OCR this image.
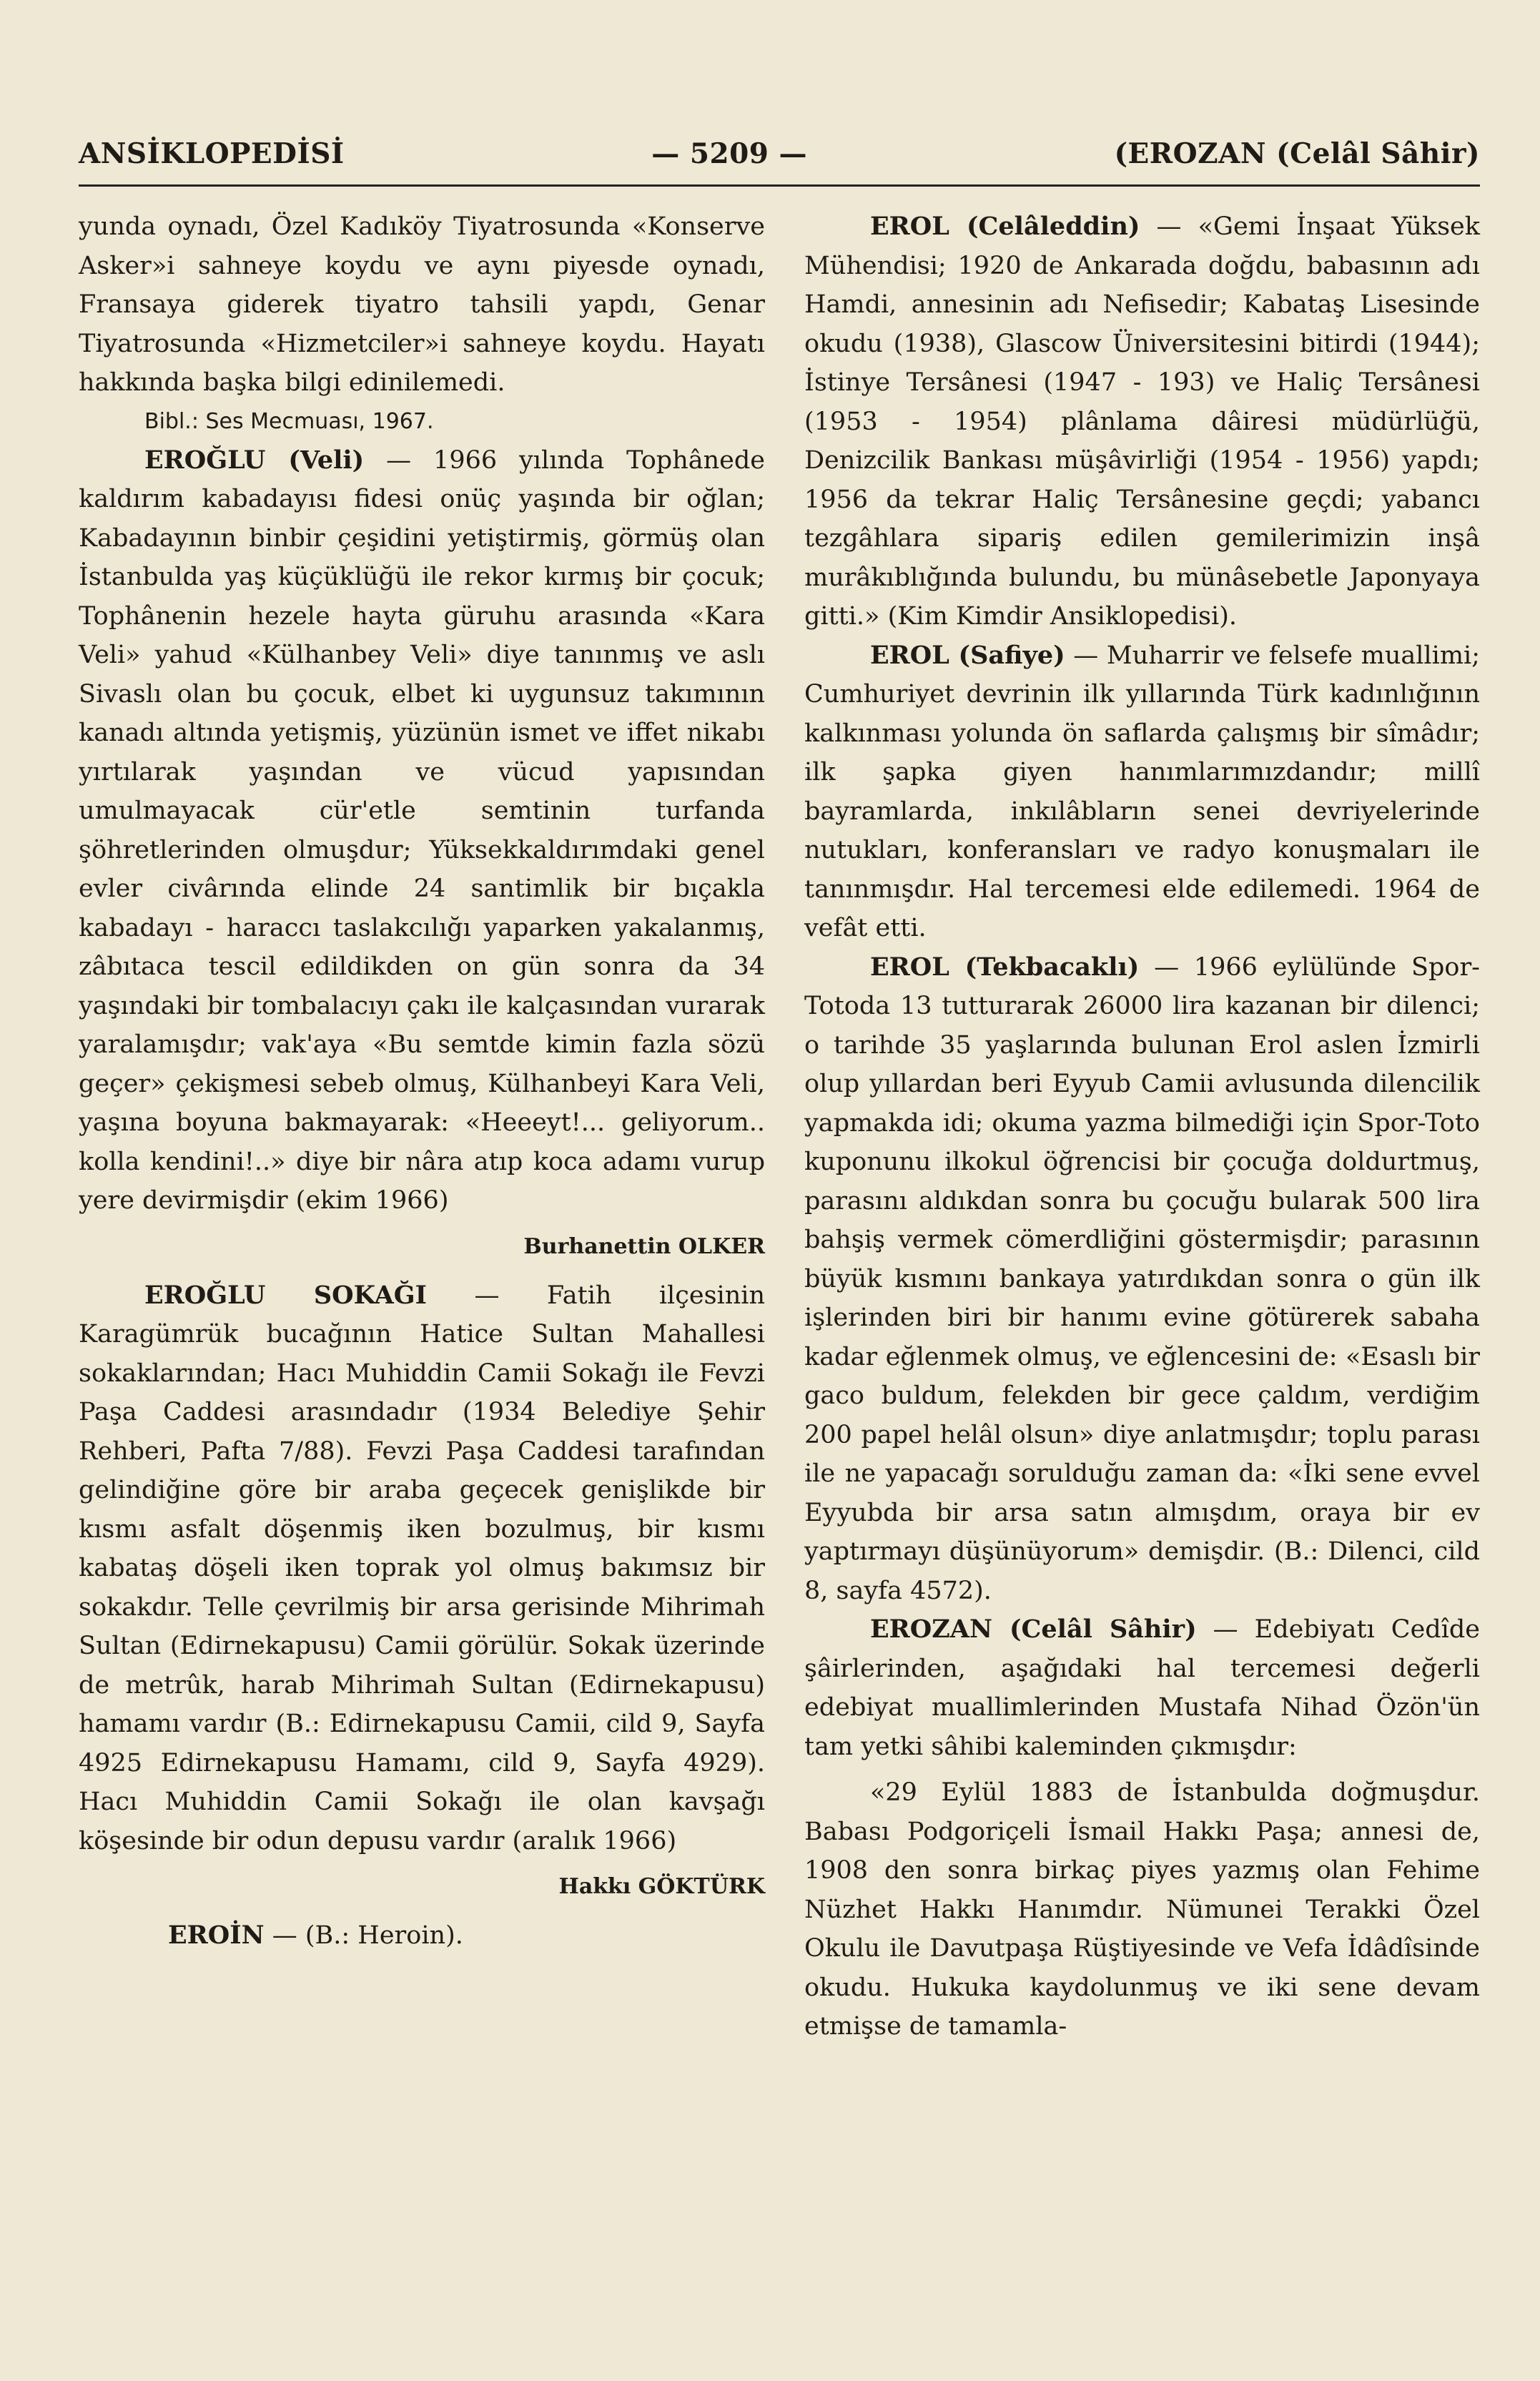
ANSİKLOPEDİSİ	— 5209 —	(EROZAN (Celâl Sâhir)

yunda oynadı, Özel Kadıköy Tiyatrosunda «Konserve Asker»i sahneye koydu ve aynı piyesde oynadı, Fransaya giderek tiyatro tahsili yapdı, Genar Tiyatrosunda «Hizmetciler»i sahneye koydu. Hayatı hakkında başka bilgi edinilemedi.

Bibl.: Ses Mecmuası, 1967.

EROĞLU (Veli) — 1966 yılında Tophânede kaldırım kabadayısı fidesi onüç yaşında bir oğlan; Kabadayının binbir çeşidini yetiştirmiş, görmüş olan İstanbulda yaş küçüklüğü ile rekor kırmış bir çocuk; Tophânenin hezele hayta güruhu arasında «Kara Veli» yahud «Külhanbey Veli» diye tanınmış ve aslı Sivaslı olan bu çocuk, elbet ki uygunsuz takımının kanadı altında yetişmiş, yüzünün ismet ve iffet nikabı yırtılarak yaşından ve vücud yapısından umulmayacak cür'etle semtinin turfanda şöhretlerinden olmuşdur; Yüksekkaldırımdaki genel evler civârında elinde 24 santimlik bir bıçakla kabadayı - haraccı taslakcılığı yaparken yakalanmış, zâbıtaca tescil edildikden on gün sonra da 34 yaşındaki bir tombalacıyı çakı ile kalçasından vurarak yaralamışdır; vak'aya «Bu semtde kimin fazla sözü geçer» çekişmesi sebeb olmuş, Külhanbeyi Kara Veli, yaşına boyuna bakmayarak: «Heeeyt!... geliyorum.. kolla kendini!..» diye bir nâra atıp koca adamı vurup yere devirmişdir (ekim 1966)

Burhanettin OLKER

EROĞLU SOKAĞI — Fatih ilçesinin Karagümrük bucağının Hatice Sultan Mahallesi sokaklarından; Hacı Muhiddin Camii Sokağı ile Fevzi Paşa Caddesi arasındadır (1934 Belediye Şehir Rehberi, Pafta 7/88). Fevzi Paşa Caddesi tarafından gelindiğine göre bir araba geçecek genişlikde bir kısmı asfalt döşenmiş iken bozulmuş, bir kısmı kabataş döşeli iken toprak yol olmuş bakımsız bir sokakdır. Telle çevrilmiş bir arsa gerisinde Mihrimah Sultan (Edirnekapusu) Camii görülür. Sokak üzerinde de metrûk, harab Mihrimah Sultan (Edirnekapusu) hamamı vardır (B.: Edirnekapusu Camii, cild 9, Sayfa 4925 Edirnekapusu Hamamı, cild 9, Sayfa 4929). Hacı Muhiddin Camii Sokağı ile olan kavşağı köşesinde bir odun depusu vardır (aralık 1966)

Hakkı GÖKTÜRK

EROİN — (B.: Heroin).

EROL (Celâleddin) — «Gemi İnşaat Yüksek Mühendisi; 1920 de Ankarada doğdu, babasının adı Hamdi, annesinin adı Nefisedir; Kabataş Lisesinde okudu (1938), Glascow Üniversitesini bitirdi (1944); İstinye Tersânesi (1947 - 193) ve Haliç Tersânesi (1953 - 1954) plânlama dâiresi müdürlüğü, Denizcilik Bankası müşâvirliği (1954 - 1956) yapdı; 1956 da tekrar Haliç Tersânesine geçdi; yabancı tezgâhlara sipariş edilen gemilerimizin inşâ murâkıblığında bulundu, bu münâsebetle Japonyaya gitti.» (Kim Kimdir Ansiklopedisi).

EROL (Safiye) — Muharrir ve felsefe muallimi; Cumhuriyet devrinin ilk yıllarında Türk kadınlığının kalkınması yolunda ön saflarda çalışmış bir sîmâdır; ilk şapka giyen hanımlarımızdandır; millî bayramlarda, inkılâbların senei devriyelerinde nutukları, konferansları ve radyo konuşmaları ile tanınmışdır. Hal tercemesi elde edilemedi. 1964 de vefât etti.

EROL (Tekbacaklı) — 1966 eylülünde Spor-Totoda 13 tutturarak 26000 lira kazanan bir dilenci; o tarihde 35 yaşlarında bulunan Erol aslen İzmirli olup yıllardan beri Eyyub Camii avlusunda dilencilik yapmakda idi; okuma yazma bilmediği için Spor-Toto kuponunu ilkokul öğrencisi bir çocuğa doldurtmuş, parasını aldıkdan sonra bu çocuğu bularak 500 lira bahşiş vermek cömerdliğini göstermişdir; parasının büyük kısmını bankaya yatırdıkdan sonra o gün ilk işlerinden biri bir hanımı evine götürerek sabaha kadar eğlenmek olmuş, ve eğlencesini de: «Esaslı bir gaco buldum, felekden bir gece çaldım, verdiğim 200 papel helâl olsun» diye anlatmışdır; toplu parası ile ne yapacağı sorulduğu zaman da: «İki sene evvel Eyyubda bir arsa satın almışdım, oraya bir ev yaptırmayı düşünüyorum» demişdir. (B.: Dilenci, cild 8, sayfa 4572).

EROZAN (Celâl Sâhir) — Edebiyatı Cedîde şâirlerinden, aşağıdaki hal tercemesi değerli edebiyat muallimlerinden Mustafa Nihad Özön'ün tam yetki sâhibi kaleminden çıkmışdır:

«29 Eylül 1883 de İstanbulda doğmuşdur. Babası Podgoriçeli İsmail Hakkı Paşa; annesi de, 1908 den sonra birkaç piyes yazmış olan Fehime Nüzhet Hakkı Hanımdır. Nümunei Terakki Özel Okulu ile Davutpaşa Rüştiyesinde ve Vefa İdâdîsinde okudu. Hukuka kaydolunmuş ve iki sene devam etmişse de tamamla-
